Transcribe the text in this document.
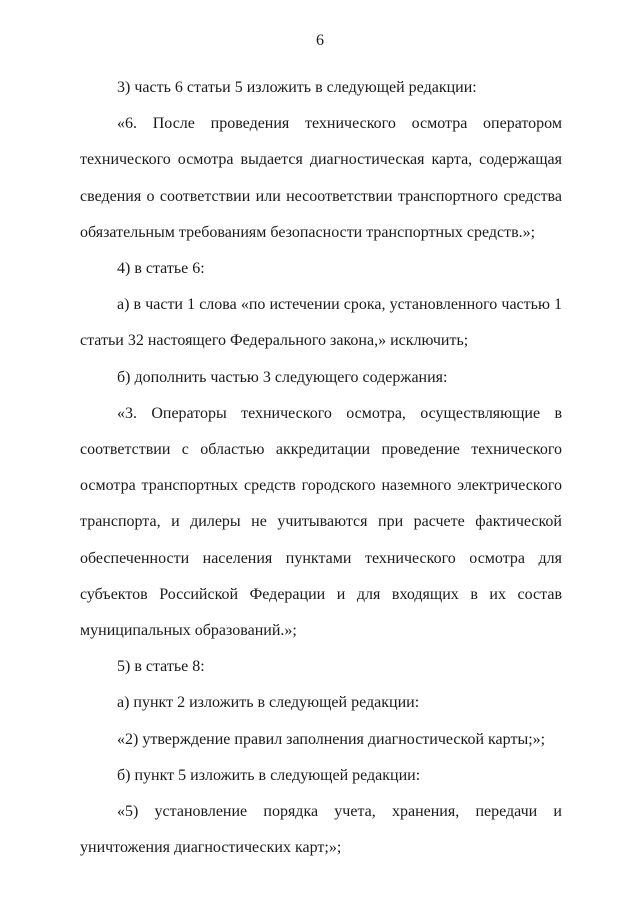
6

3) часть 6 статьи 5 изложить в следующей редакции:

«6. После проведения технического осмотра оператором технического осмотра выдается диагностическая карта, содержащая сведения о соответствии или несоответствии транспортного средства обязательным требованиям безопасности транспортных средств.»;

4) в статье 6:

а) в части 1 слова «по истечении срока, установленного частью 1 статьи 32 настоящего Федерального закона,» исключить;

б) дополнить частью 3 следующего содержания:

«3. Операторы технического осмотра, осуществляющие в соответствии с областью аккредитации проведение технического осмотра транспортных средств городского наземного электрического транспорта, и дилеры не учитываются при расчете фактической обеспеченности населения пунктами технического осмотра для субъектов Российской Федерации и для входящих в их состав муниципальных образований.»;

5) в статье 8:

а) пункт 2 изложить в следующей редакции:

«2) утверждение правил заполнения диагностической карты;»;

б) пункт 5 изложить в следующей редакции:

«5) установление порядка учета, хранения, передачи и уничтожения диагностических карт;»;
